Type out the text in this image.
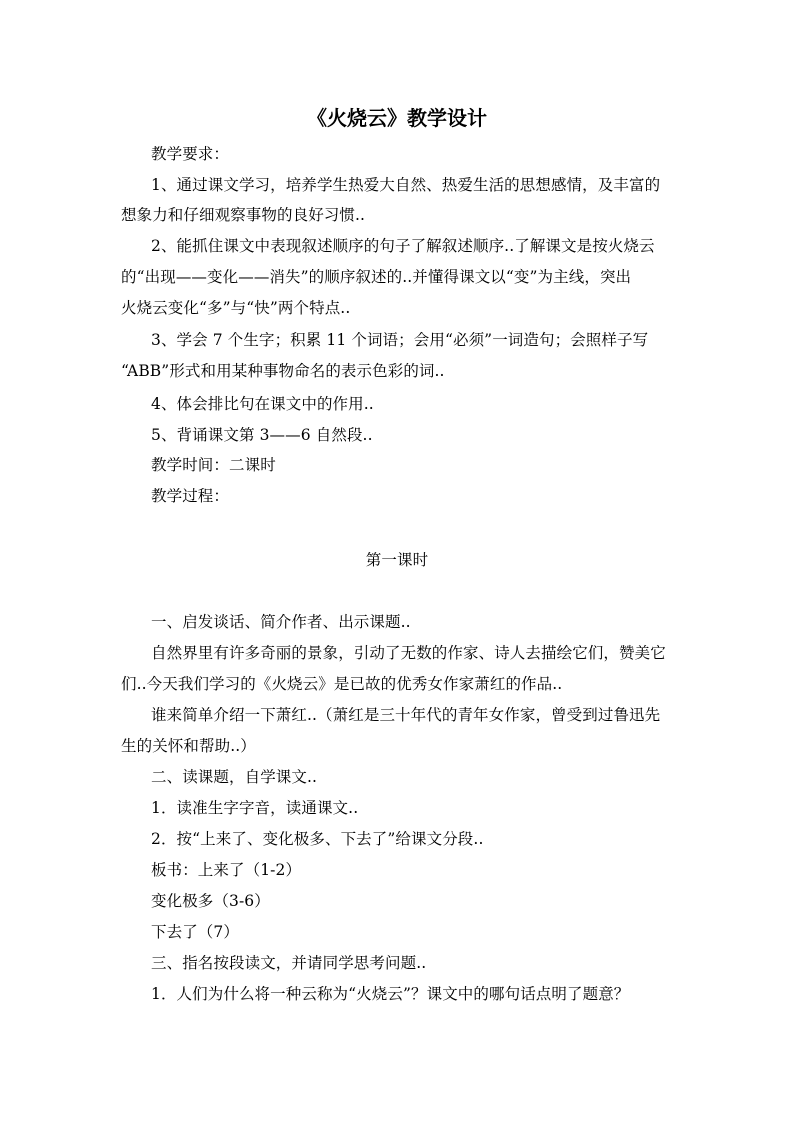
《火烧云》教学设计
教学要求：
1、通过课文学习，培养学生热爱大自然、热爱生活的思想感情，及丰富的
想象力和仔细观察事物的良好习惯..
2、能抓住课文中表现叙述顺序的句子了解叙述顺序..了解课文是按火烧云
的“出现——变化——消失”的顺序叙述的..并懂得课文以“变”为主线，突出
火烧云变化“多”与“快”两个特点..
3、学会 7 个生字；积累 11 个词语；会用“必须”一词造句；会照样子写
“ABB”形式和用某种事物命名的表示色彩的词..
4、体会排比句在课文中的作用..
5、背诵课文第 3——6 自然段..
教学时间：二课时
教学过程：
第一课时
一、启发谈话、简介作者、出示课题..
自然界里有许多奇丽的景象，引动了无数的作家、诗人去描绘它们，赞美它
们..今天我们学习的《火烧云》是已故的优秀女作家萧红的作品..
谁来简单介绍一下萧红..（萧红是三十年代的青年女作家，曾受到过鲁迅先
生的关怀和帮助..）
二、读课题，自学课文..
1．读准生字字音，读通课文..
2．按“上来了、变化极多、下去了”给课文分段..
板书：上来了（1-2）
变化极多（3-6）
下去了（7）
三、指名按段读文，并请同学思考问题..
1．人们为什么将一种云称为“火烧云”？课文中的哪句话点明了题意？
